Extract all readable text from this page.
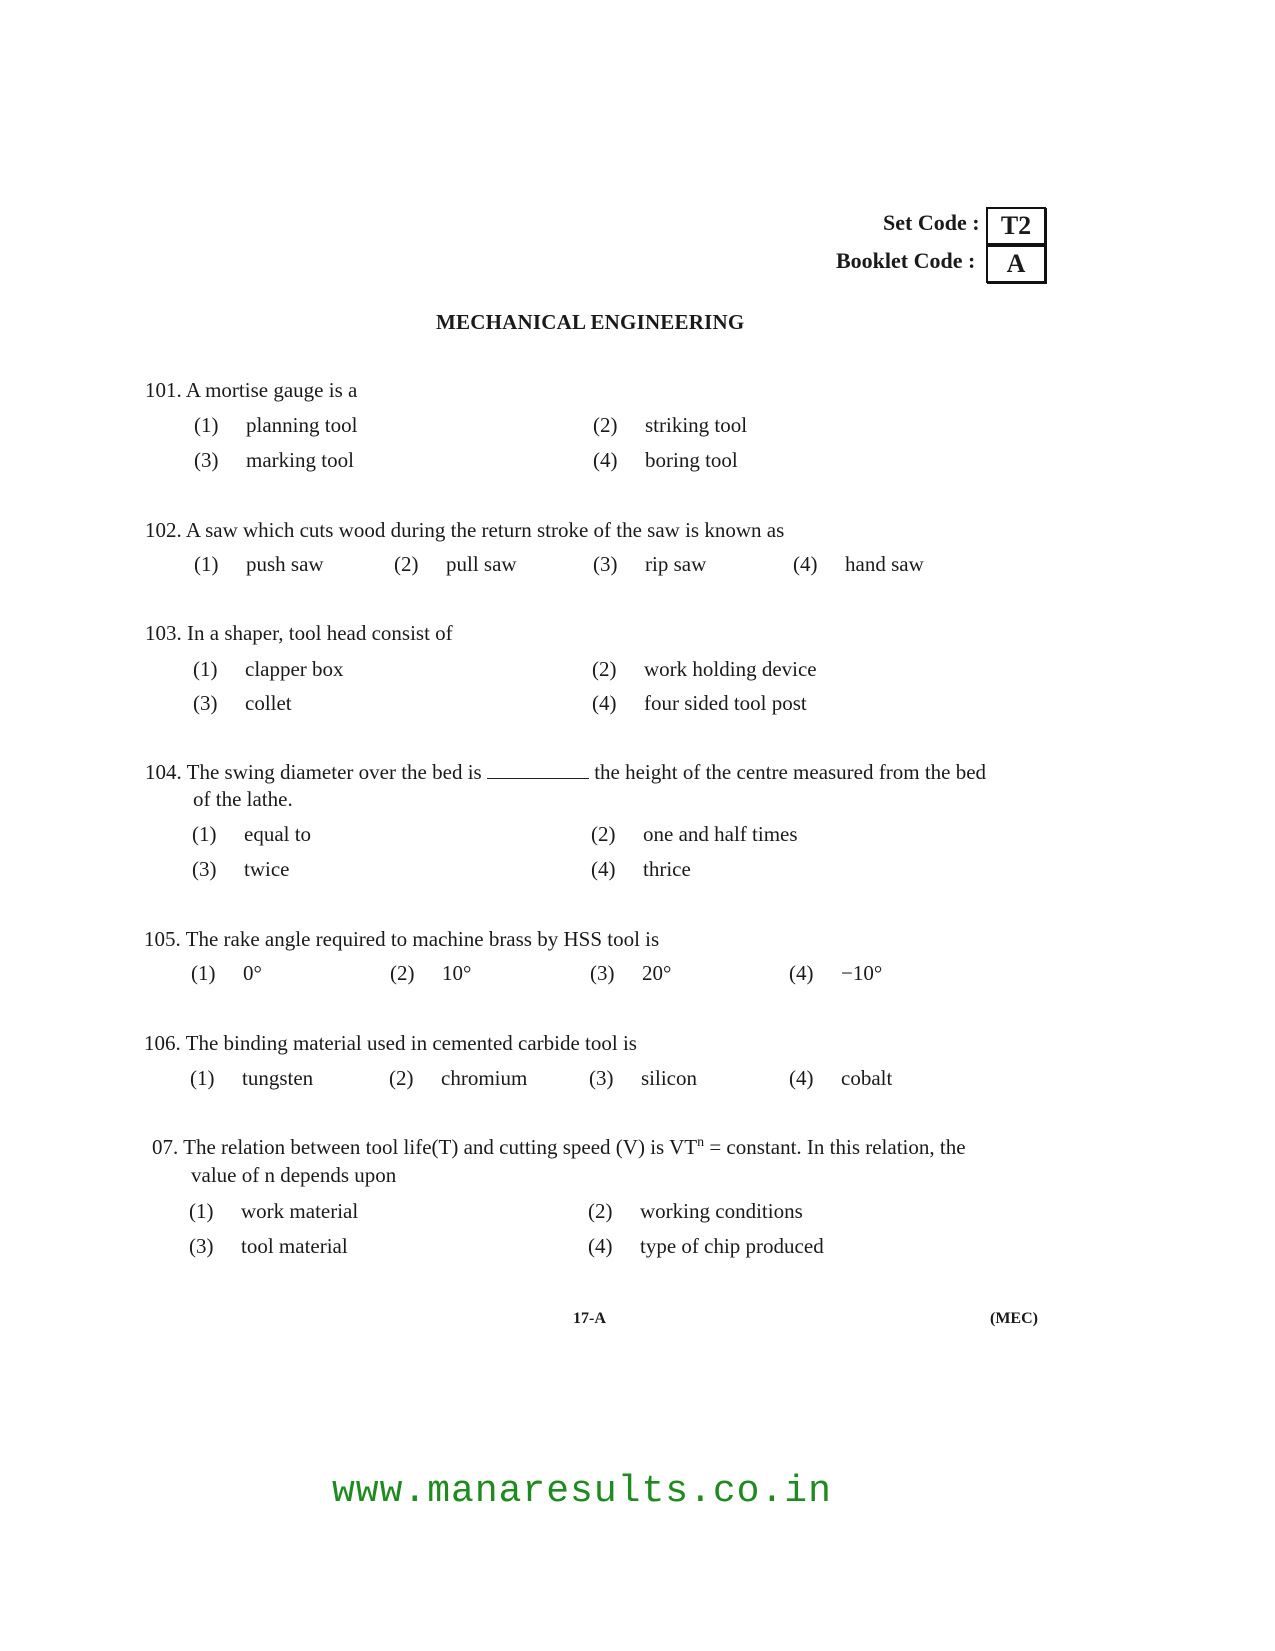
Set Code : T2
Booklet Code :	A
MECHANICAL ENGINEERING
101. A mortise gauge is a
(1) planning tool	(2) striking tool
(3) marking tool	(4) boring tool
102. A saw which cuts wood during the return stroke of the saw is known as
(1) push saw	(2) pull saw	(3) rip saw	(4) hand saw
103. In a shaper, tool head consist of
(1) clapper box	(2) work holding device
(3) collet	(4) four sided tool post
104. The swing diameter over the bed is	the height of the centre measured from the bed
of the lathe.
(1) equal to	(2) one and half times
(3) twice	(4) thrice
105. The rake angle required to machine brass by HSS tool is
(1) 0°	(2) 10°	(3) 20°	(4) −10°
106. The binding material used in cemented carbide tool is
(1) tungsten	(2) chromium	(3) silicon	(4) cobalt
07. The relation between tool life(T) and cutting speed (V) is $VT^n$ = constant. In this relation, the
value of n depends upon
(1) work material	(2) working conditions
(3) tool material	(4) type of chip produced
17-A	(MEC)
www.manaresults.co.in
